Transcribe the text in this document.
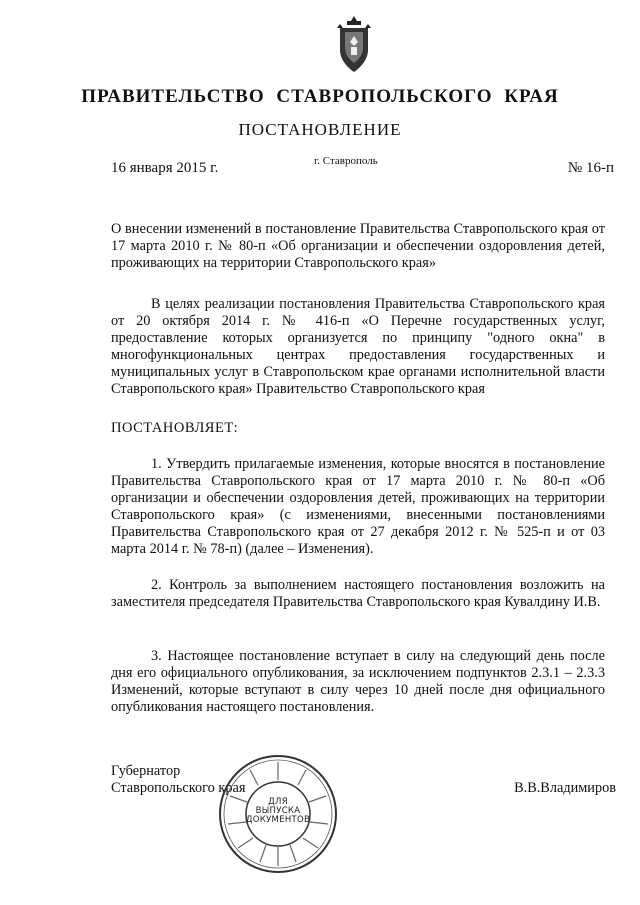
ПРАВИТЕЛЬСТВО СТАВРОПОЛЬСКОГО КРАЯ
ПОСТАНОВЛЕНИЕ
16 января 2015 г.	г. Ставрополь	№ 16-п

О внесении изменений в постановление Правительства Ставропольского края от 17 марта 2010 г. № 80-п «Об организации и обеспечении оздоровления детей, проживающих на территории Ставропольского края»

В целях реализации постановления Правительства Ставропольского края от 20 октября 2014 г. № 416-п «О Перечне государственных услуг, предоставление которых организуется по принципу "одного окна" в многофункциональных центрах предоставления государственных и муниципальных услуг в Ставропольском крае органами исполнительной власти Ставропольского края» Правительство Ставропольского края

ПОСТАНОВЛЯЕТ:

1. Утвердить прилагаемые изменения, которые вносятся в постановление Правительства Ставропольского края от 17 марта 2010 г. № 80-п «Об организации и обеспечении оздоровления детей, проживающих на территории Ставропольского края» (с изменениями, внесенными постановлениями Правительства Ставропольского края от 27 декабря 2012 г. № 525-п и от 03 марта 2014 г. № 78-п) (далее – Изменения).

2. Контроль за выполнением настоящего постановления возложить на заместителя председателя Правительства Ставропольского края Кувалдину И.В.

3. Настоящее постановление вступает в силу на следующий день после дня его официального опубликования, за исключением подпунктов 2.3.1 – 2.3.3 Изменений, которые вступают в силу через 10 дней после дня официального опубликования настоящего постановления.

Губернатор
Ставропольского края	В.В.Владимиров
ДЛЯ
ВЫПУСКА
ДОКУМЕНТОВ
